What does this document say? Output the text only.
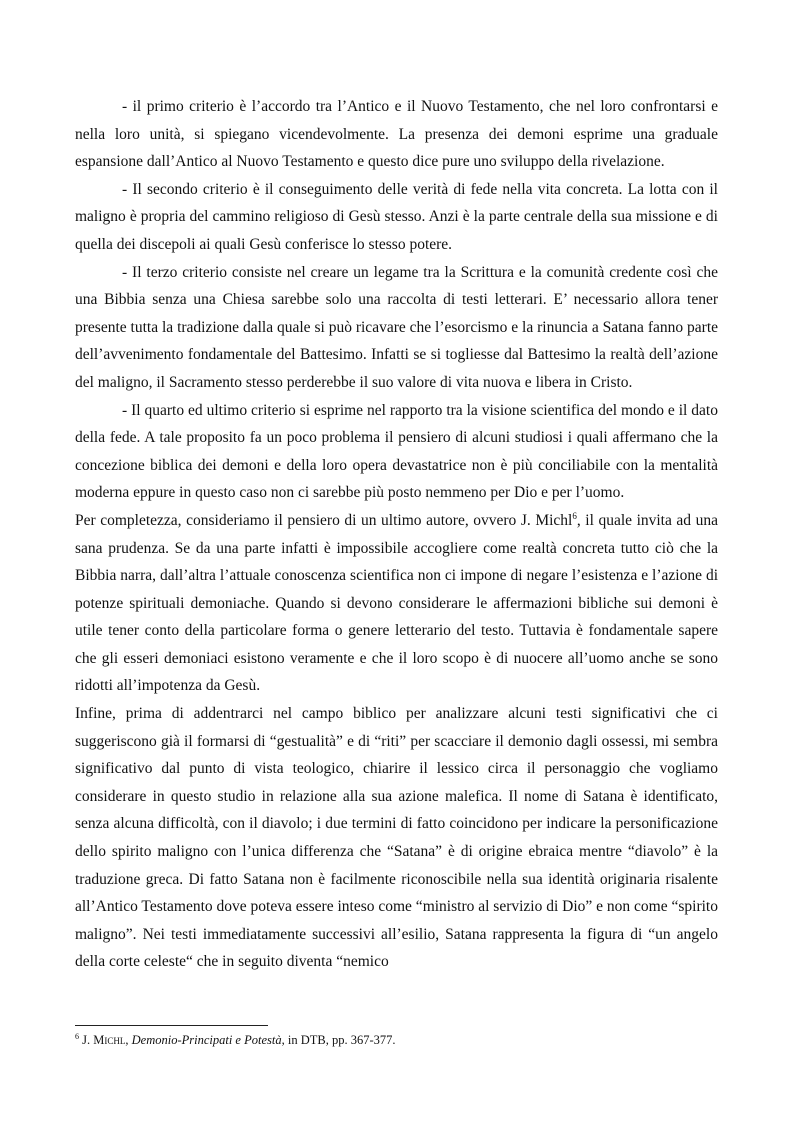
- il primo criterio è l’accordo tra l’Antico e il Nuovo Testamento, che nel loro confrontarsi e nella loro unità, si spiegano vicendevolmente. La presenza dei demoni esprime una graduale espansione dall’Antico al Nuovo Testamento e questo dice pure uno sviluppo della rivelazione.

- Il secondo criterio è il conseguimento delle verità di fede nella vita concreta. La lotta con il maligno è propria del cammino religioso di Gesù stesso. Anzi è la parte centrale della sua missione e di quella dei discepoli ai quali Gesù conferisce lo stesso potere.

- Il terzo criterio consiste nel creare un legame tra la Scrittura e la comunità credente così che una Bibbia senza una Chiesa sarebbe solo una raccolta di testi letterari. E’ necessario allora tener presente tutta la tradizione dalla quale si può ricavare che l’esorcismo e la rinuncia a Satana fanno parte dell’avvenimento fondamentale del Battesimo. Infatti se si togliesse dal Battesimo la realtà dell’azione del maligno, il Sacramento stesso perderebbe il suo valore di vita nuova e libera in Cristo.

- Il quarto ed ultimo criterio si esprime nel rapporto tra la visione scientifica del mondo e il dato della fede. A tale proposito fa un poco problema il pensiero di alcuni studiosi i quali affermano che la concezione biblica dei demoni e della loro opera devastatrice non è più conciliabile con la mentalità moderna eppure in questo caso non ci sarebbe più posto nemmeno per Dio e per l’uomo.

Per completezza, consideriamo il pensiero di un ultimo autore, ovvero J. Michl$^6$, il quale invita ad una sana prudenza. Se da una parte infatti è impossibile accogliere come realtà concreta tutto ciò che la Bibbia narra, dall’altra l’attuale conoscenza scientifica non ci impone di negare l’esistenza e l’azione di potenze spirituali demoniache. Quando si devono considerare le affermazioni bibliche sui demoni è utile tener conto della particolare forma o genere letterario del testo. Tuttavia è fondamentale sapere che gli esseri demoniaci esistono veramente e che il loro scopo è di nuocere all’uomo anche se sono ridotti all’impotenza da Gesù.

Infine, prima di addentrarci nel campo biblico per analizzare alcuni testi significativi che ci suggeriscono già il formarsi di “gestualità” e di “riti” per scacciare il demonio dagli ossessi, mi sembra significativo dal punto di vista teologico, chiarire il lessico circa il personaggio che vogliamo considerare in questo studio in relazione alla sua azione malefica. Il nome di Satana è identificato, senza alcuna difficoltà, con il diavolo; i due termini di fatto coincidono per indicare la personificazione dello spirito maligno con l’unica differenza che “Satana” è di origine ebraica mentre “diavolo” è la traduzione greca. Di fatto Satana non è facilmente riconoscibile nella sua identità originaria risalente all’Antico Testamento dove poteva essere inteso come “ministro al servizio di Dio” e non come “spirito maligno”. Nei testi immediatamente successivi all’esilio, Satana rappresenta la figura di “un angelo della corte celeste“ che in seguito diventa “nemico

$^6$ J. Michl, Demonio-Principati e Potestà, in DTB, pp. 367-377.
